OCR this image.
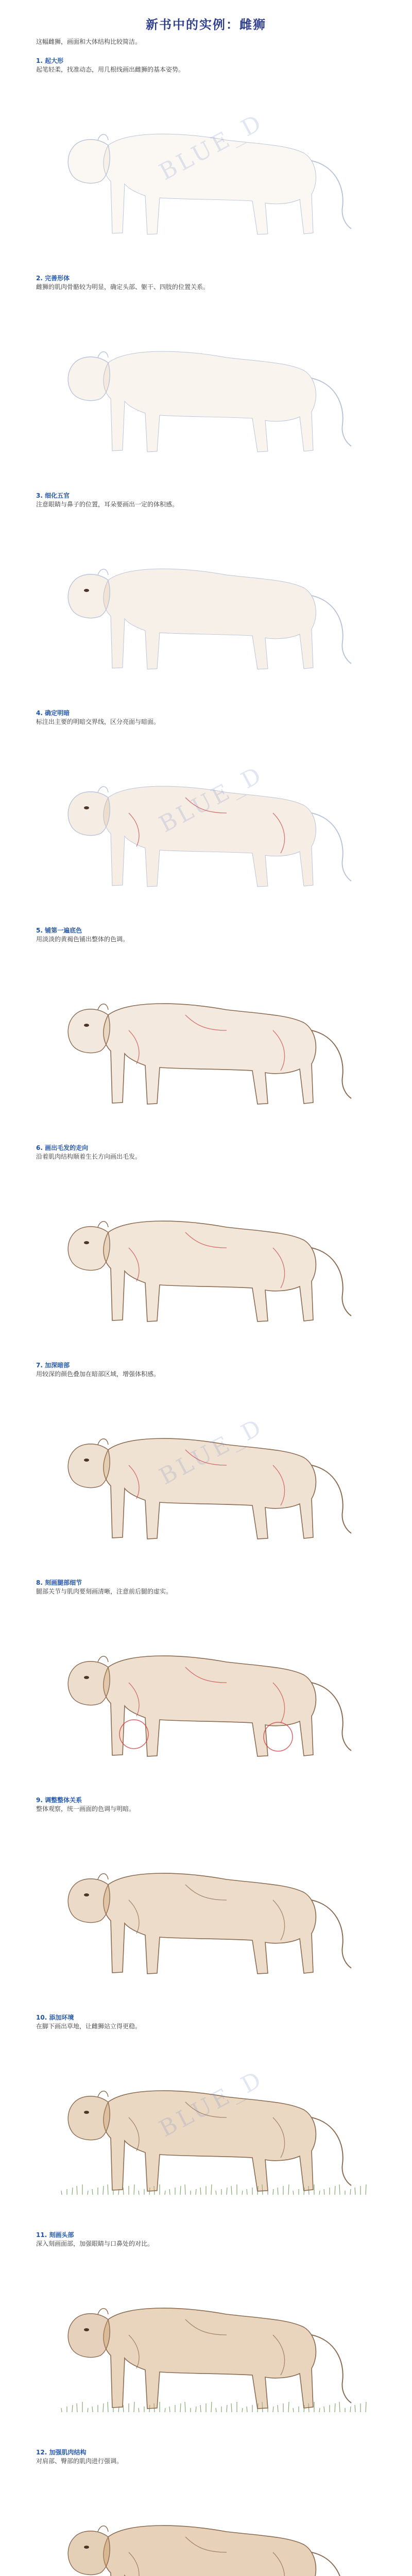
新书中的实例：雌狮
这幅雌狮，画面和大体结构比较简洁。
1. 起大形
起笔轻柔，找准动态，用几根线画出雌狮的基本姿势。
BLUE_D
2. 完善形体
雌狮的肌肉骨骼较为明显，确定头部、躯干、四肢的位置关系。
3. 细化五官
注意眼睛与鼻子的位置，耳朵要画出一定的体积感。
4. 确定明暗
标注出主要的明暗交界线，区分亮面与暗面。
BLUE_D
5. 铺第一遍底色
用淡淡的黄褐色铺出整体的色调。
6. 画出毛发的走向
沿着肌肉结构顺着生长方向画出毛发。
7. 加深暗部
用较深的颜色叠加在暗部区域，增强体积感。
BLUE_D
8. 刻画腿部细节
腿部关节与肌肉要刻画清晰，注意前后腿的虚实。
9. 调整整体关系
整体观察，统一画面的色调与明暗。
10. 添加环境
在脚下画出草地，让雌狮站立得更稳。
BLUE_D
11. 刻画头部
深入刻画面部，加强眼睛与口鼻处的对比。
12. 加强肌肉结构
对肩部、臀部的肌肉进行强调。
